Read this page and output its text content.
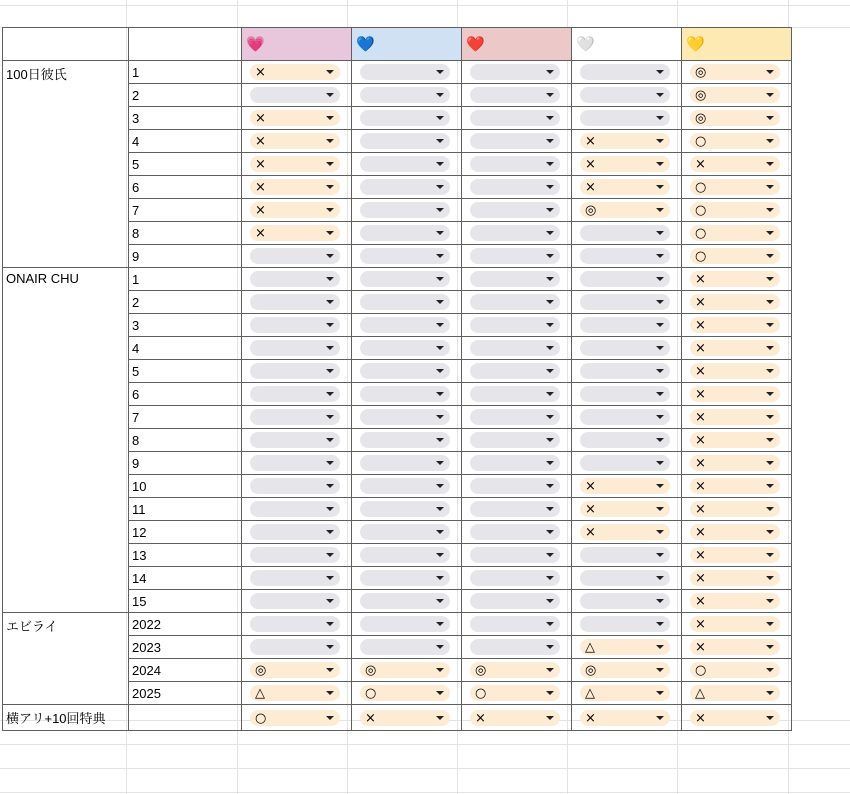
		💗	💙	❤️	🤍	💛
100日彼氏	1	×				◎

	2					◎

	3	×				◎

	4	×			×	○

	5	×			×	×

	6	×			×	○

	7	×			◎	○

	8	×				○

	9					○

ONAIR CHU	1					×

	2					×

	3					×

	4					×

	5					×

	6					×

	7					×

	8					×

	9					×

	10				×	×

	11				×	×

	12				×	×

	13					×

	14					×

	15					×

エビライ	2022					×

	2023				△	×

	2024	◎	◎	◎	◎	○

	2025	△	○	○	△	△

横アリ+10回特典		○	×	×	×	×
